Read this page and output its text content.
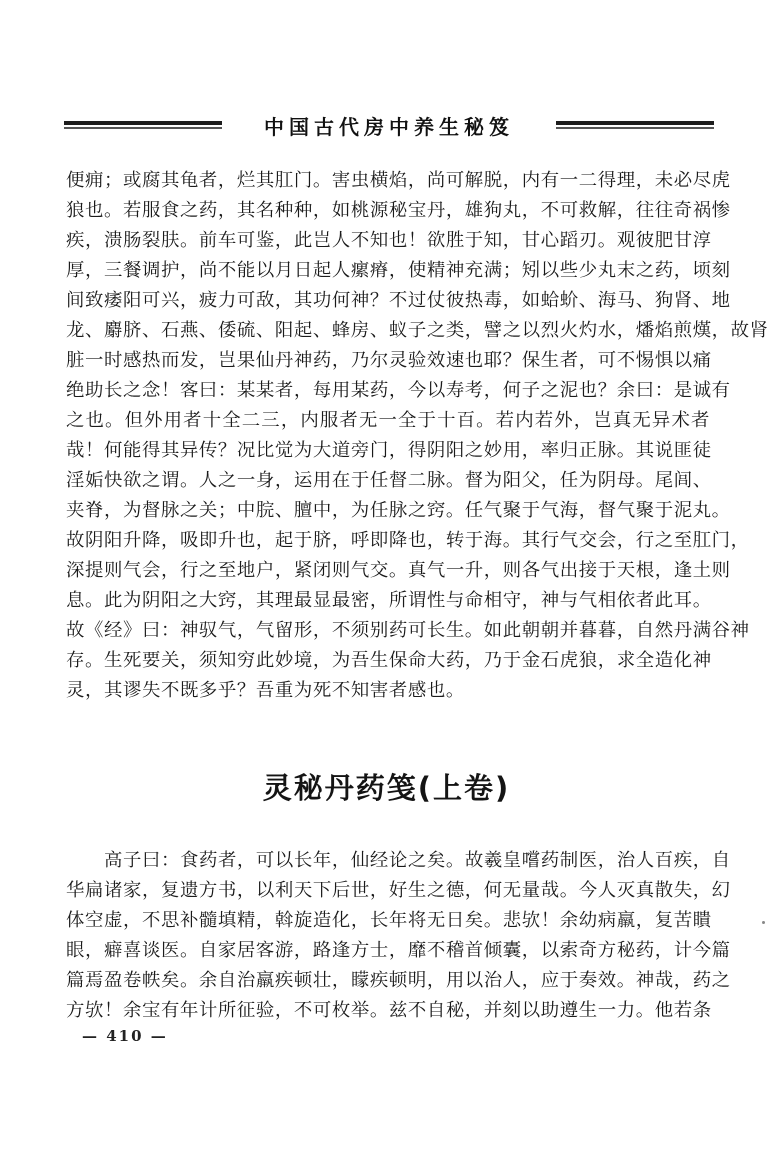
中国古代房中养生秘笈
便痈；或腐其龟者，烂其肛门。害虫横焰，尚可解脱，内有一二得理，未必尽虎
狼也。若服食之药，其名种种，如桃源秘宝丹，雄狗丸，不可救解，往往奇祸惨
疾，溃肠裂肤。前车可鉴，此岂人不知也！欲胜于知，甘心蹈刃。观彼肥甘淳
厚，三餐调护，尚不能以月日起人瘰瘠，使精神充满；矧以些少丸末之药，顷刻
间致痿阳可兴，疲力可敌，其功何神？不过仗彼热毒，如蛤蚧、海马、狗肾、地
龙、麝脐、石燕、倭硫、阳起、蜂房、蚁子之类，譬之以烈火灼水，燔焰煎熯，故肾
脏一时感热而发，岂果仙丹神药，乃尔灵验效速也耶？保生者，可不惕惧以痛
绝助长之念！客曰：某某者，每用某药，今以寿考，何子之泥也？余曰：是诚有
之也。但外用者十全二三，内服者无一全于十百。若内若外，岂真无异术者
哉！何能得其异传？况比觉为大道旁门，得阴阳之妙用，率归正脉。其说匪徒
淫姤快欲之谓。人之一身，运用在于任督二脉。督为阳父，任为阴母。尾闾、
夹脊，为督脉之关；中脘、膻中，为任脉之窍。任气聚于气海，督气聚于泥丸。
故阴阳升降，吸即升也，起于脐，呼即降也，转于海。其行气交会，行之至肛门，
深提则气会，行之至地户，紧闭则气交。真气一升，则各气出接于天根，逢土则
息。此为阴阳之大窍，其理最显最密，所谓性与命相守，神与气相依者此耳。
故《经》曰：神驭气，气留形，不须别药可长生。如此朝朝并暮暮，自然丹满谷神
存。生死要关，须知穷此妙境，为吾生保命大药，乃于金石虎狼，求全造化神
灵，其谬失不既多乎？吾重为死不知害者感也。
灵秘丹药笺(上卷)
高子曰：食药者，可以长年，仙经论之矣。故羲皇嚐药制医，治人百疾，自
华扁诸家，复遗方书，以利天下后世，好生之德，何无量哉。今人灭真散失，幻
体空虚，不思补髓填精，斡旋造化，长年将无日矣。悲欤！余幼病羸，复苦瞶
眼，癖喜谈医。自家居客游，路逢方士，靡不稽首倾囊，以索奇方秘药，计今篇
篇焉盈卷帙矣。余自治羸疾顿壮，矇疾顿明，用以治人，应于奏效。神哉，药之
方欤！余宝有年计所征验，不可枚举。兹不自秘，并刻以助遵生一力。他若条
— 410 —
